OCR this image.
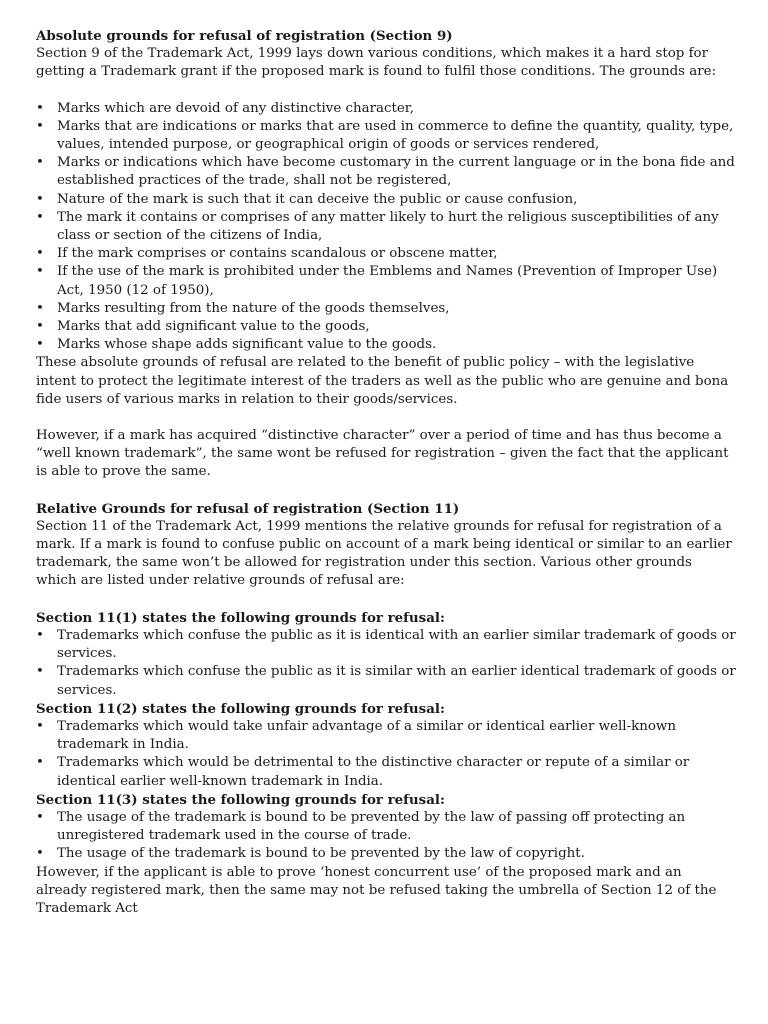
Absolute grounds for refusal of registration (Section 9)

Section 9 of the Trademark Act, 1999 lays down various conditions, which makes it a hard stop for getting a Trademark grant if the proposed mark is found to fulfil those conditions. The grounds are:

• Marks which are devoid of any distinctive character,
• Marks that are indications or marks that are used in commerce to define the quantity, quality, type, values, intended purpose, or geographical origin of goods or services rendered,
• Marks or indications which have become customary in the current language or in the bona fide and established practices of the trade, shall not be registered,
• Nature of the mark is such that it can deceive the public or cause confusion,
• The mark it contains or comprises of any matter likely to hurt the religious susceptibilities of any class or section of the citizens of India,
• If the mark comprises or contains scandalous or obscene matter,
• If the use of the mark is prohibited under the Emblems and Names (Prevention of Improper Use) Act, 1950 (12 of 1950),
• Marks resulting from the nature of the goods themselves,
• Marks that add significant value to the goods,
• Marks whose shape adds significant value to the goods.

These absolute grounds of refusal are related to the benefit of public policy – with the legislative intent to protect the legitimate interest of the traders as well as the public who are genuine and bona fide users of various marks in relation to their goods/services.

However, if a mark has acquired “distinctive character” over a period of time and has thus become a “well known trademark”, the same wont be refused for registration – given the fact that the applicant is able to prove the same.

Relative Grounds for refusal of registration (Section 11)

Section 11 of the Trademark Act, 1999 mentions the relative grounds for refusal for registration of a mark. If a mark is found to confuse public on account of a mark being identical or similar to an earlier trademark, the same won’t be allowed for registration under this section. Various other grounds which are listed under relative grounds of refusal are:

Section 11(1) states the following grounds for refusal:

• Trademarks which confuse the public as it is identical with an earlier similar trademark of goods or services.
• Trademarks which confuse the public as it is similar with an earlier identical trademark of goods or services.

Section 11(2) states the following grounds for refusal:

• Trademarks which would take unfair advantage of a similar or identical earlier well-known trademark in India.
• Trademarks which would be detrimental to the distinctive character or repute of a similar or identical earlier well-known trademark in India.

Section 11(3) states the following grounds for refusal:

• The usage of the trademark is bound to be prevented by the law of passing off protecting an unregistered trademark used in the course of trade.
• The usage of the trademark is bound to be prevented by the law of copyright.

However, if the applicant is able to prove ‘honest concurrent use’ of the proposed mark and an already registered mark, then the same may not be refused taking the umbrella of Section 12 of the Trademark Act
